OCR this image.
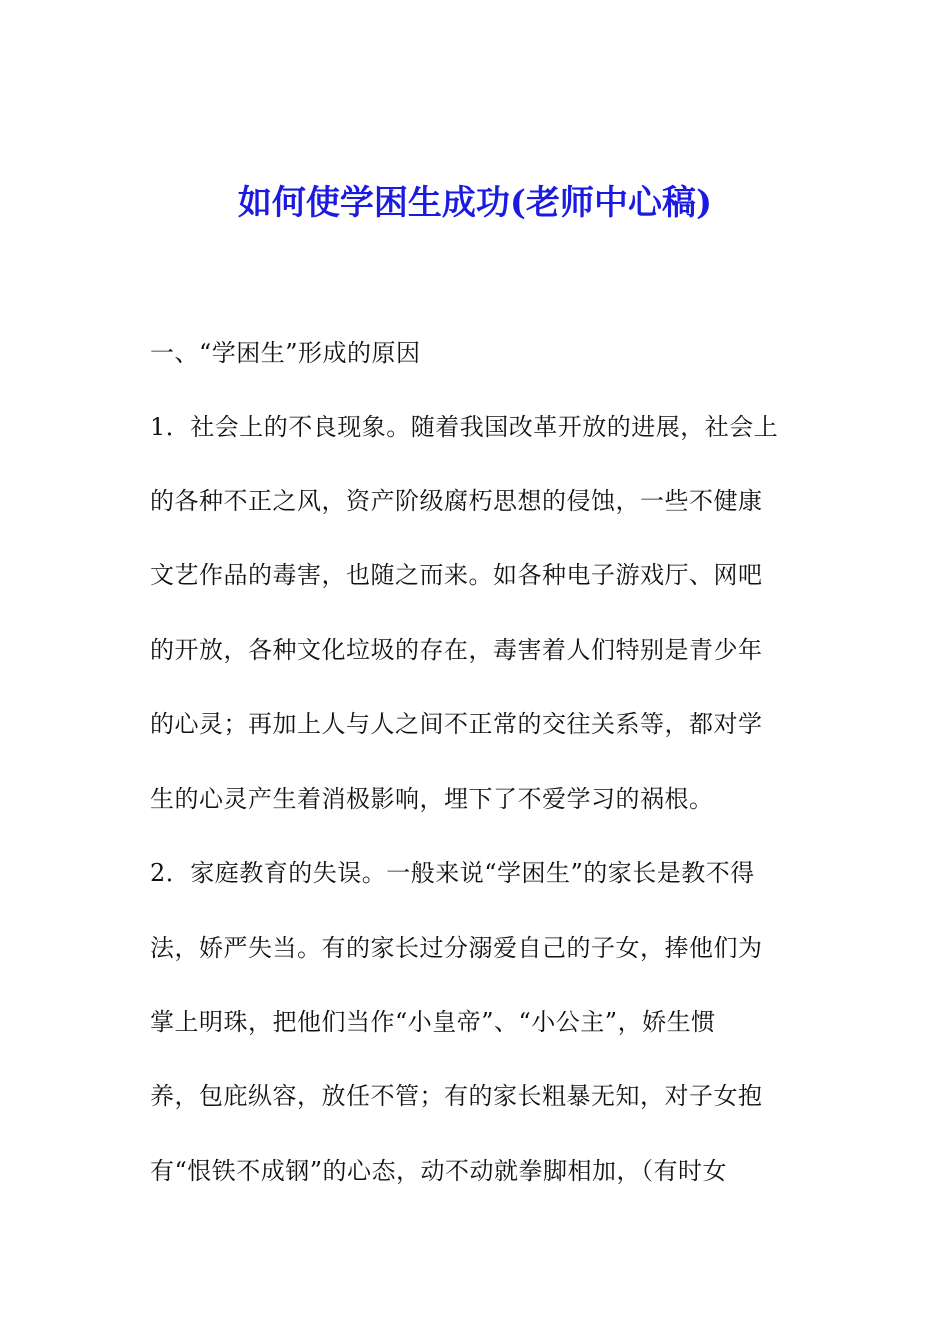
如何使学困生成功(老师中心稿)
一、“学困生”形成的原因
1．社会上的不良现象。随着我国改革开放的进展，社会上
的各种不正之风，资产阶级腐朽思想的侵蚀，一些不健康
文艺作品的毒害，也随之而来。如各种电子游戏厅、网吧
的开放，各种文化垃圾的存在，毒害着人们特别是青少年
的心灵；再加上人与人之间不正常的交往关系等，都对学
生的心灵产生着消极影响，埋下了不爱学习的祸根。
2．家庭教育的失误。一般来说“学困生”的家长是教不得
法，娇严失当。有的家长过分溺爱自己的子女，捧他们为
掌上明珠，把他们当作“小皇帝”、“小公主”，娇生惯
养，包庇纵容，放任不管；有的家长粗暴无知，对子女抱
有“恨铁不成钢”的心态，动不动就拳脚相加，（有时女
